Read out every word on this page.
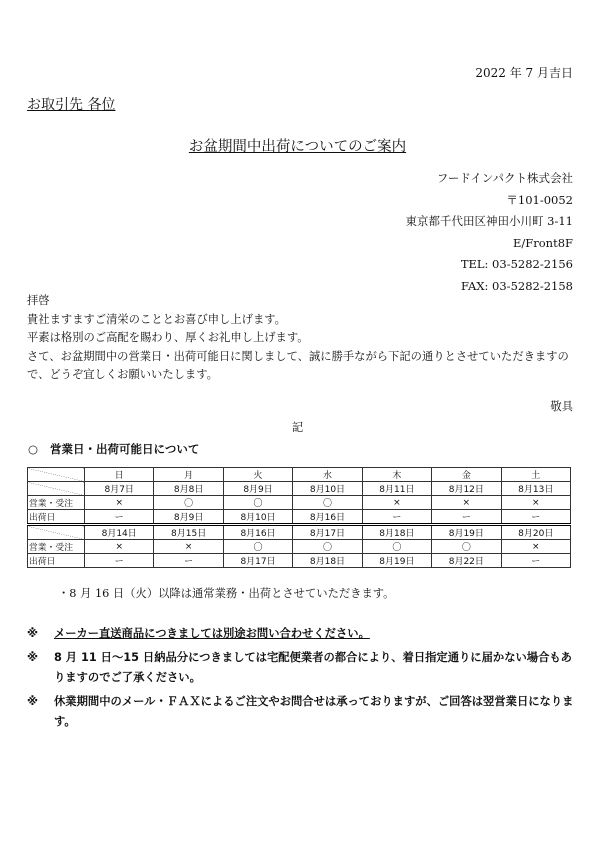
2022 年 7 月吉日
お取引先 各位
お盆期間中出荷についてのご案内
フードインパクト株式会社
〒101-0052
東京都千代田区神田小川町 3-11
E/Front8F
TEL: 03-5282-2156
FAX: 03-5282-2158

拝啓

貴社ますますご清栄のこととお喜び申し上げます。

平素は格別のご高配を賜わり、厚くお礼申し上げます。

さて、お盆期間中の営業日・出荷可能日に関しまして、誠に勝手ながら下記の通りとさせていただきますので、どうぞ宜しくお願いいたします。

敬具
記
○ 営業日・出荷可能日について
	日	月	火	水	木	金	土
	8月7日	8月8日	8月9日	8月10日	8月11日	8月12日	8月13日
営業・受注	×	〇	〇	〇	×	×	×
出荷日	ー	8月9日	8月10日	8月16日	ー	ー	ー
	8月14日	8月15日	8月16日	8月17日	8月18日	8月19日	8月20日
営業・受注	×	×	〇	〇	〇	〇	×
出荷日	ー	ー	8月17日	8月18日	8月19日	8月22日	ー
・8 月 16 日（火）以降は通常業務・出荷とさせていただきます。
※ メーカー直送商品につきましては別途お問い合わせください。
※ 8 月 11 日～15 日納品分につきましては宅配便業者の都合により、着日指定通りに届かない場合もありますのでご了承ください。
※ 休業期間中のメール・ＦＡＸによるご注文やお問合せは承っておりますが、ご回答は翌営業日になります。
